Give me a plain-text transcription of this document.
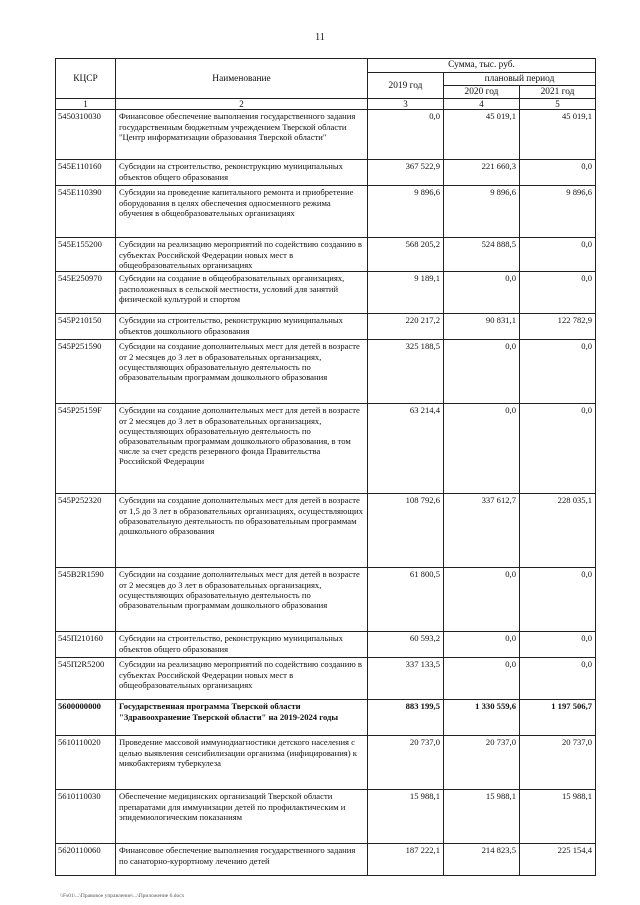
11
КЦСР	Наименование	Сумма, тыс. руб.		
		2019 год	плановый период	
			2020 год	2021 год
1	2	3	4	5
5450310030	Финансовое обеспечение выполнения государственного задания государственным бюджетным учреждением Тверской области "Центр информатизации образования Тверской области"	0,0	45 019,1	45 019,1
545E110160	Субсидии на строительство, реконструкцию муниципальных объектов общего образования	367 522,9	221 660,3	0,0
545E110390	Субсидии на проведение капитального ремонта и приобретение оборудования в целях обеспечения односменного режима обучения в общеобразовательных организациях	9 896,6	9 896,6	9 896,6
545E155200	Субсидии на реализацию мероприятий по содействию созданию в субъектах Российской Федерации новых мест в общеобразовательных организациях	568 205,2	524 888,5	0,0
545E250970	Субсидии на создание в общеобразовательных организациях, расположенных в сельской местности, условий для занятий физической культурой и спортом	9 189,1	0,0	0,0
545P210150	Субсидии на строительство, реконструкцию муниципальных объектов дошкольного образования	220 217,2	90 831,1	122 782,9
545P251590	Субсидии на создание дополнительных мест для детей в возрасте от 2 месяцев до 3 лет в образовательных организациях, осуществляющих образовательную деятельность по образовательным программам дошкольного образования	325 188,5	0,0	0,0
545P25159F	Субсидии на создание дополнительных мест для детей в возрасте от 2 месяцев до 3 лет в образовательных организациях, осуществляющих образовательную деятельность по образовательным программам дошкольного образования, в том числе за счет средств резервного фонда Правительства Российской Федерации	63 214,4	0,0	0,0
545P252320	Субсидии на создание дополнительных мест для детей в возрасте от 1,5 до 3 лет в образовательных организациях, осуществляющих образовательную деятельность по образовательным программам дошкольного образования	108 792,6	337 612,7	228 035,1
545B2R1590	Субсидии на создание дополнительных мест для детей в возрасте от 2 месяцев до 3 лет в образовательных организациях, осуществляющих образовательную деятельность по образовательным программам дошкольного образования	61 800,5	0,0	0,0
545П210160	Субсидии на строительство, реконструкцию муниципальных объектов общего образования	60 593,2	0,0	0,0
545П2R5200	Субсидии на реализацию мероприятий по содействию созданию в субъектах Российской Федерации новых мест в общеобразовательных организациях	337 133,5	0,0	0,0
5600000000	Государственная программа Тверской области "Здравоохранение Тверской области" на 2019-2024 годы	883 199,5	1 330 559,6	1 197 506,7
5610110020	Проведение массовой иммунодиагностики детского населения с целью выявления сенсибилизации организма (инфицирования) к микобактериям туберкулеза	20 737,0	20 737,0	20 737,0
5610110030	Обеспечение медицинских организаций Тверской области препаратами для иммунизации детей по профилактическим и эпидемиологическим показаниям	15 988,1	15 988,1	15 988,1
5620110060	Финансовое обеспечение выполнения государственного задания по санаторно-курортному лечению детей	187 222,1	214 823,5	225 154,4
\\Fs01\...\Правовое управление\...\Приложение 6.docx
